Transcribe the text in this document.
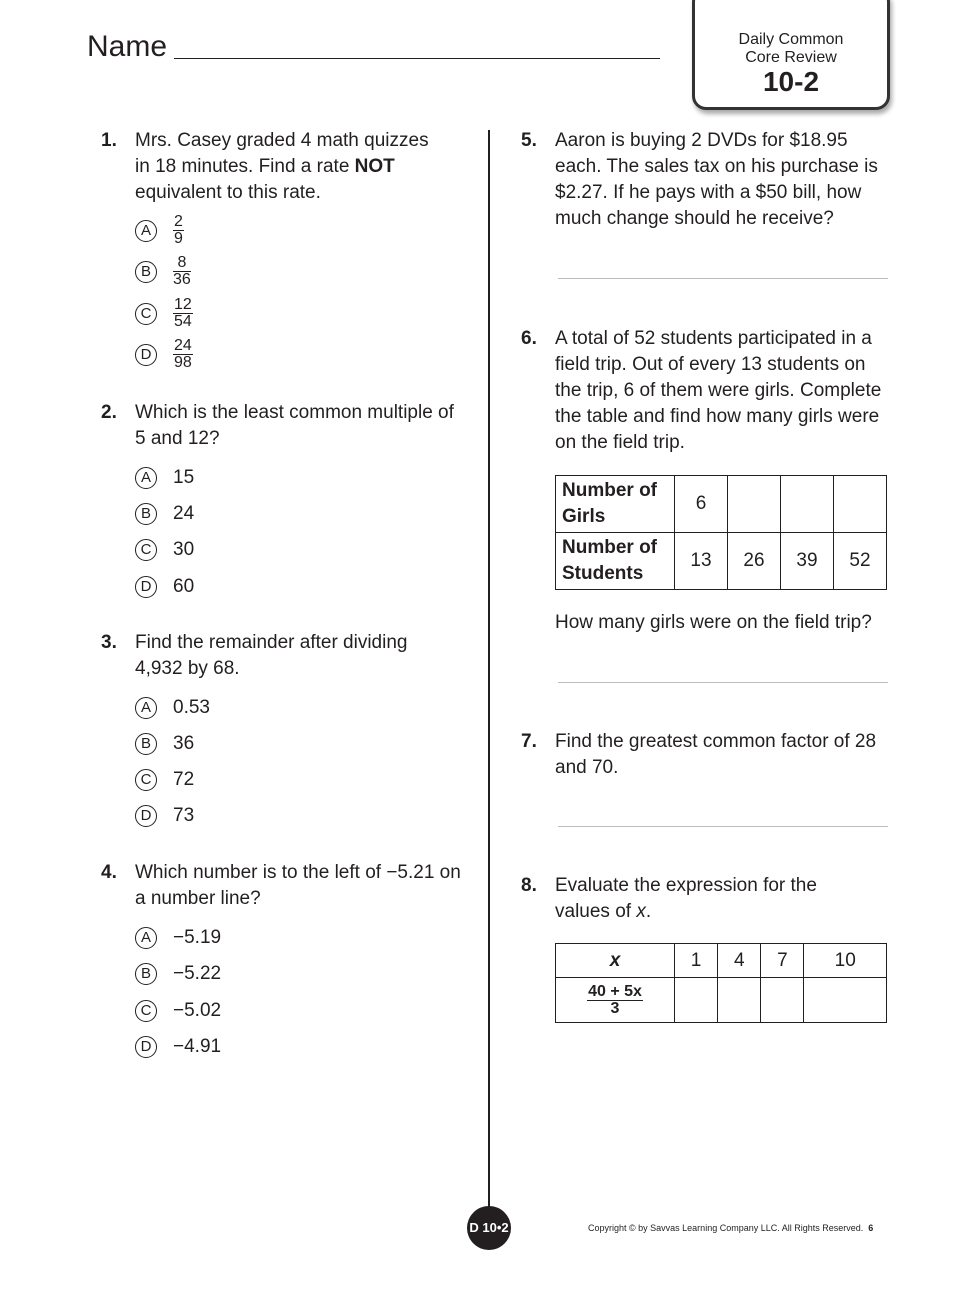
Name	Daily Common
Core Review
10-2
1. Mrs. Casey graded 4 math quizzes in 18 minutes. Find a rate NOT equivalent to this rate.
A $\frac{2}{9}$
B $\frac{8}{36}$
C $\frac{12}{54}$
D $\frac{24}{98}$
2. Which is the least common multiple of 5 and 12?
A 15
B 24
C 30
D 60
3. Find the remainder after dividing 4,932 by 68.
A 0.53
B 36
C 72
D 73
4. Which number is to the left of −5.21 on a number line?
A −5.19
B −5.22
C −5.02
D −4.91
5. Aaron is buying 2 DVDs for $18.95 each. The sales tax on his purchase is $2.27. If he pays with a $50 bill, how much change should he receive?
6. A total of 52 students participated in a field trip. Out of every 13 students on the trip, 6 of them were girls. Complete the table and find how many girls were on the field trip.
Number of Girls	6			
Number of Students	13	26	39	52
How many girls were on the field trip?
7. Find the greatest common factor of 28 and 70.
8. Evaluate the expression for the values of x.
x	1	4	7	10

$\frac{40 + 5x}{3}$

D 10•2	Copyright © by Savvas Learning Company LLC. All Rights Reserved. 6
